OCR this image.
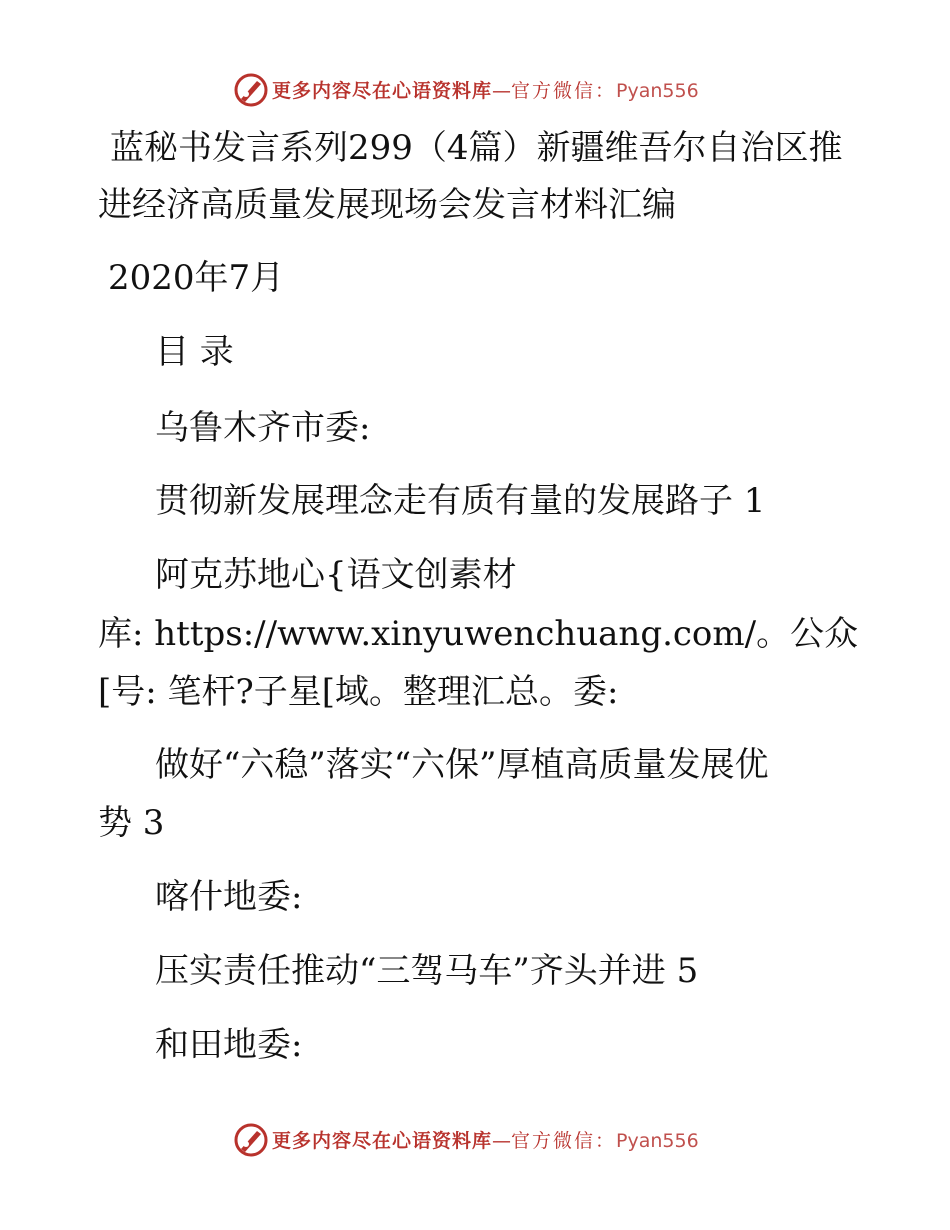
更多内容尽在心语资料库—官方微信：Pyan556
蓝秘书发言系列299（4篇）新疆维吾尔自治区推
进经济高质量发展现场会发言材料汇编
2020年7月
目 录
乌鲁木齐市委:
贯彻新发展理念走有质有量的发展路子 1
阿克苏地心{语文创素材
库: https://www.xinyuwenchuang.com/。公众
[号: 笔杆?子星[域。整理汇总。委:
做好“六稳”落实“六保”厚植高质量发展优
势 3
喀什地委:
压实责任推动“三驾马车”齐头并进 5
和田地委:
更多内容尽在心语资料库—官方微信：Pyan556
